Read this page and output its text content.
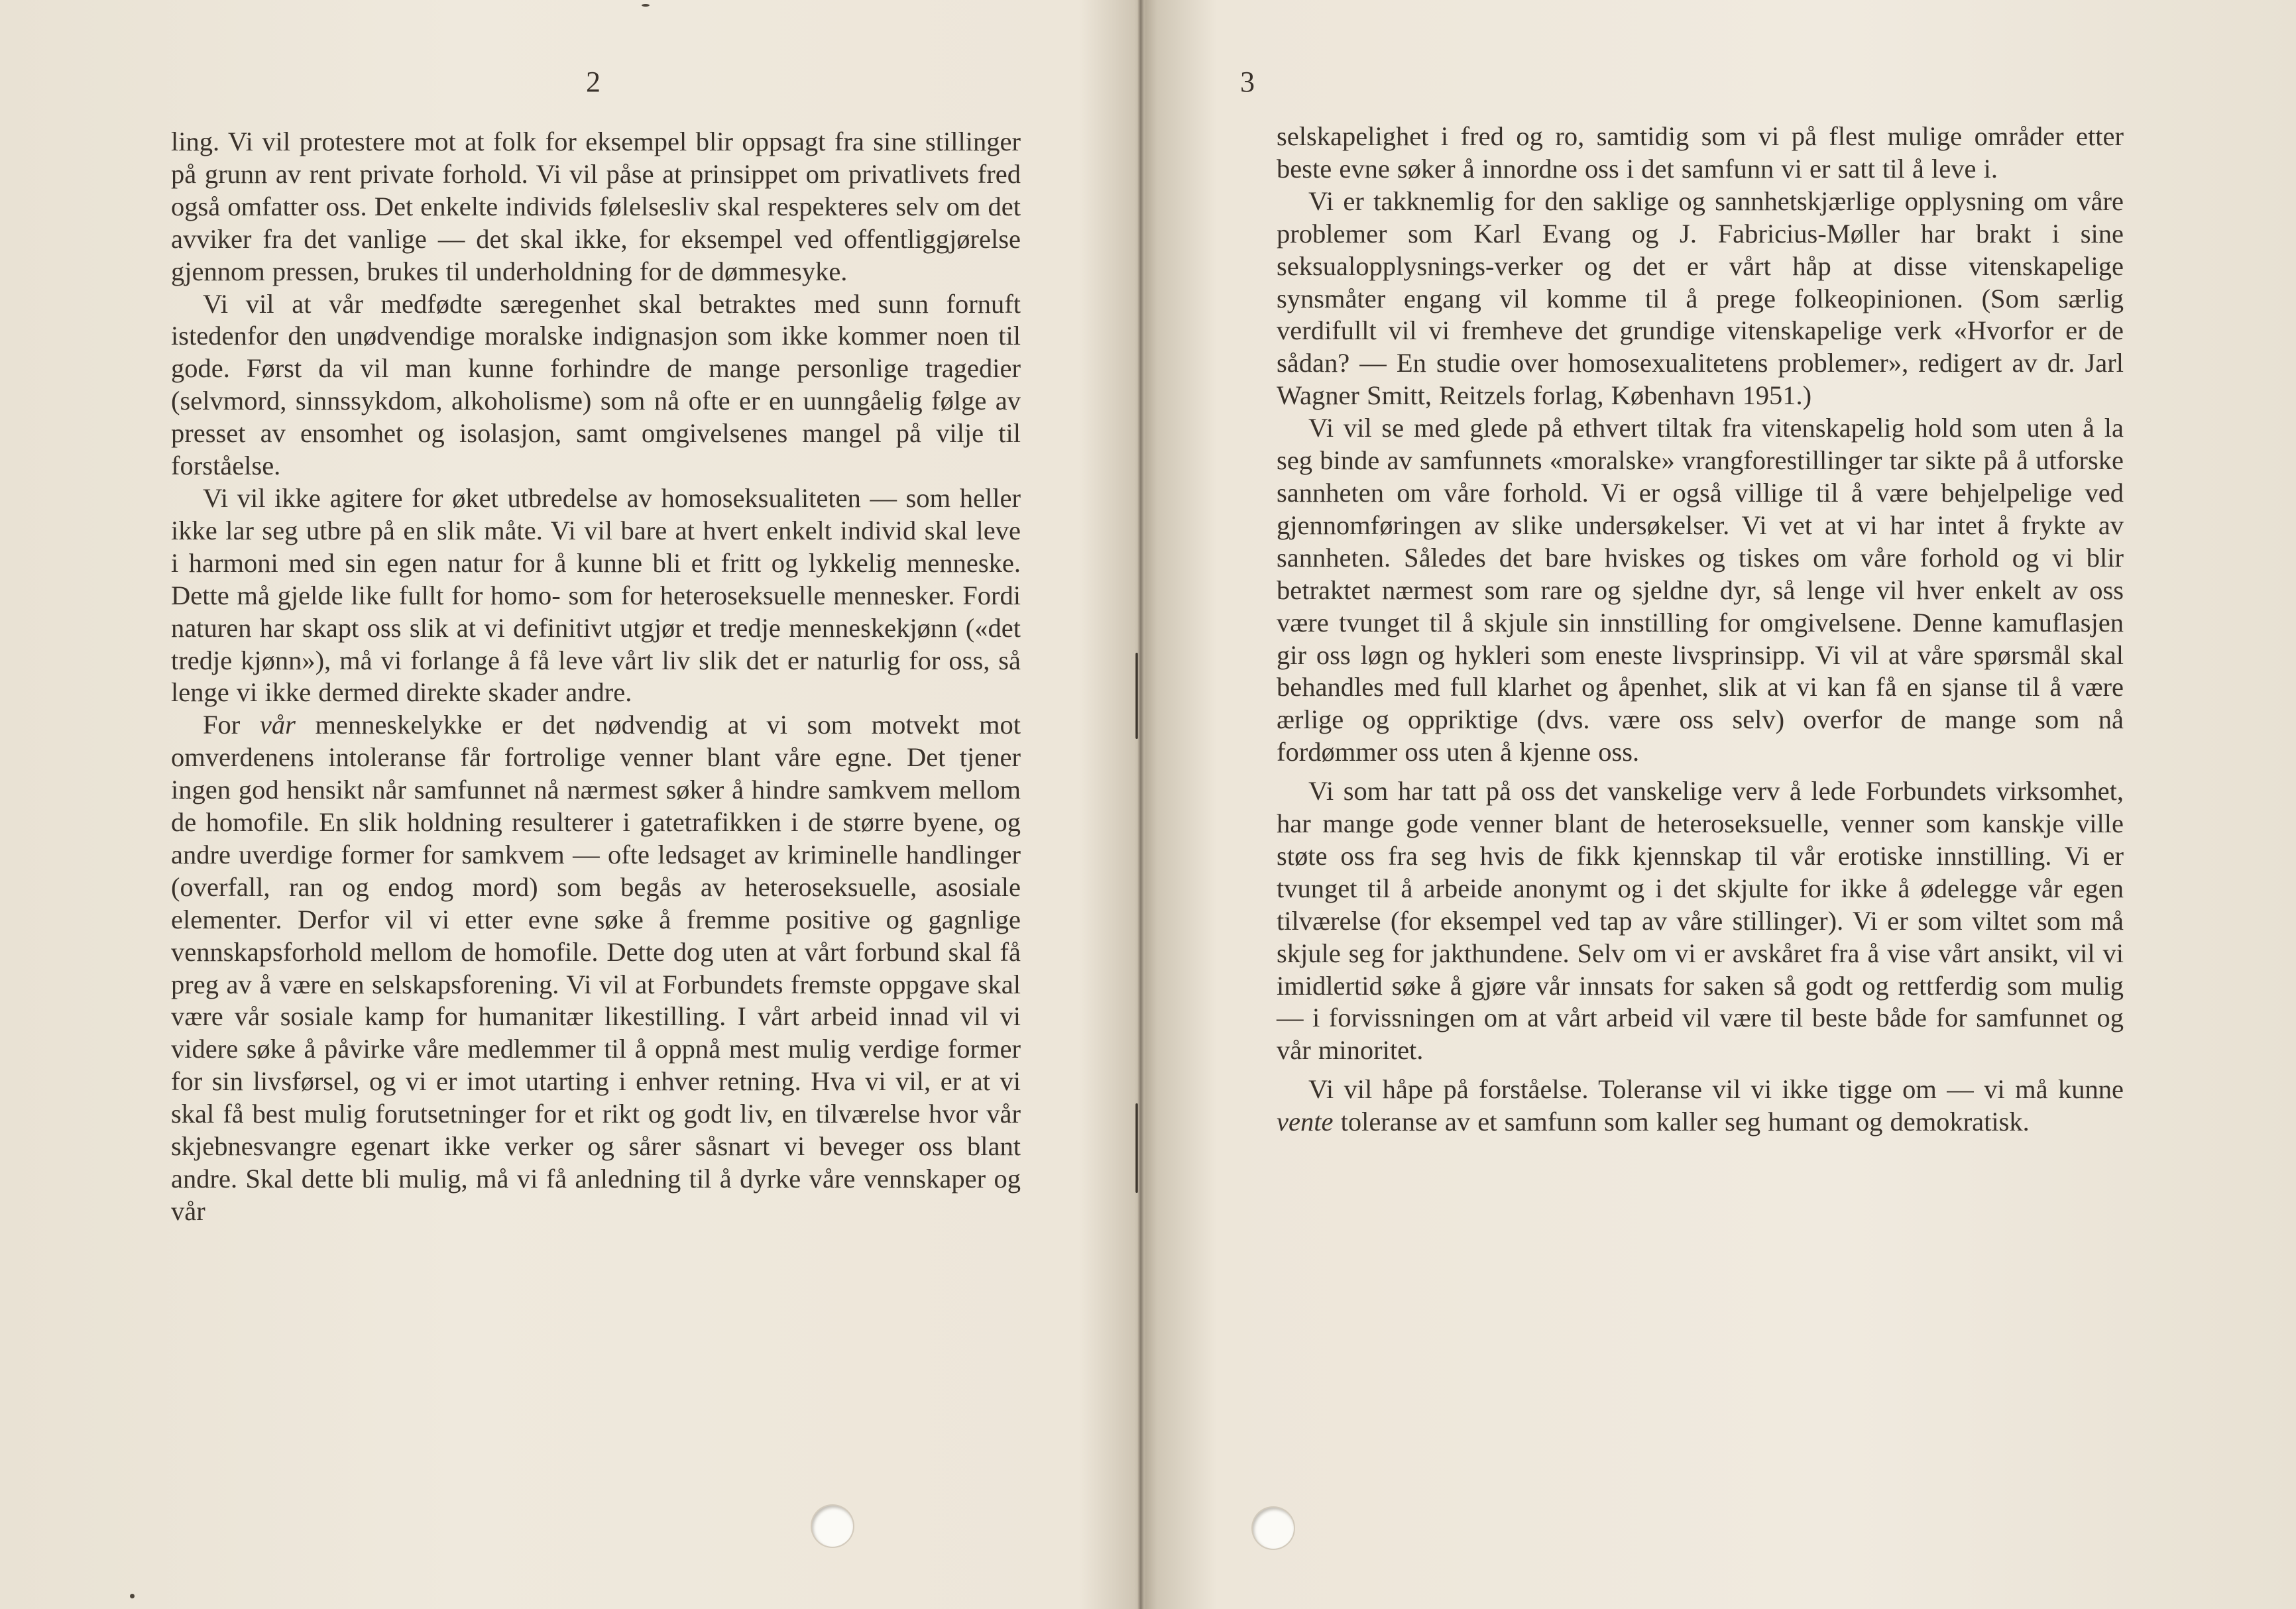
2

ling. Vi vil protestere mot at folk for eksempel blir oppsagt fra sine stillinger på grunn av rent private forhold. Vi vil påse at prinsippet om privatlivets fred også omfatter oss. Det enkelte individs følelsesliv skal respekteres selv om det avviker fra det vanlige — det skal ikke, for eksempel ved offentliggjørelse gjennom pressen, brukes til underholdning for de dømmesyke.

Vi vil at vår medfødte særegenhet skal betraktes med sunn fornuft istedenfor den unødvendige moralske indignasjon som ikke kommer noen til gode. Først da vil man kunne forhindre de mange personlige tragedier (selvmord, sinnssykdom, alkoholisme) som nå ofte er en uunngåelig følge av presset av ensomhet og isolasjon, samt omgivelsenes mangel på vilje til forståelse.

Vi vil ikke agitere for øket utbredelse av homoseksualiteten — som heller ikke lar seg utbre på en slik måte. Vi vil bare at hvert enkelt individ skal leve i harmoni med sin egen natur for å kunne bli et fritt og lykkelig menneske. Dette må gjelde like fullt for homo- som for heteroseksuelle mennesker. Fordi naturen har skapt oss slik at vi definitivt utgjør et tredje menneskekjønn («det tredje kjønn»), må vi forlange å få leve vårt liv slik det er naturlig for oss, så lenge vi ikke dermed direkte skader andre.

For vår menneskelykke er det nødvendig at vi som motvekt mot omverdenens intoleranse får fortrolige venner blant våre egne. Det tjener ingen god hensikt når samfunnet nå nærmest søker å hindre samkvem mellom de homofile. En slik holdning resulterer i gatetrafikken i de større byene, og andre uverdige former for samkvem — ofte ledsaget av kriminelle handlinger (overfall, ran og endog mord) som begås av heteroseksuelle, asosiale elementer. Derfor vil vi etter evne søke å fremme positive og gagnlige vennskapsforhold mellom de homofile. Dette dog uten at vårt forbund skal få preg av å være en selskapsforening. Vi vil at Forbundets fremste oppgave skal være vår sosiale kamp for humanitær likestilling. I vårt arbeid innad vil vi videre søke å påvirke våre medlemmer til å oppnå mest mulig verdige former for sin livsførsel, og vi er imot utarting i enhver retning. Hva vi vil, er at vi skal få best mulig forutsetninger for et rikt og godt liv, en tilværelse hvor vår skjebnesvangre egenart ikke verker og sårer såsnart vi beveger oss blant andre. Skal dette bli mulig, må vi få anledning til å dyrke våre vennskaper og vår

3

selskapelighet i fred og ro, samtidig som vi på flest mulige områder etter beste evne søker å innordne oss i det samfunn vi er satt til å leve i.

Vi er takknemlig for den saklige og sannhetskjærlige opplysning om våre problemer som Karl Evang og J. Fabricius-Møller har brakt i sine seksualopplysnings-verker og det er vårt håp at disse vitenskapelige synsmåter engang vil komme til å prege folkeopinionen. (Som særlig verdifullt vil vi fremheve det grundige vitenskapelige verk «Hvorfor er de sådan? — En studie over homosexualitetens problemer», redigert av dr. Jarl Wagner Smitt, Reitzels forlag, København 1951.)

Vi vil se med glede på ethvert tiltak fra vitenskapelig hold som uten å la seg binde av samfunnets «moralske» vrangforestillinger tar sikte på å utforske sannheten om våre forhold. Vi er også villige til å være behjelpelige ved gjennomføringen av slike undersøkelser. Vi vet at vi har intet å frykte av sannheten. Således det bare hviskes og tiskes om våre forhold og vi blir betraktet nærmest som rare og sjeldne dyr, så lenge vil hver enkelt av oss være tvunget til å skjule sin innstilling for omgivelsene. Denne kamuflasjen gir oss løgn og hykleri som eneste livsprinsipp. Vi vil at våre spørsmål skal behandles med full klarhet og åpenhet, slik at vi kan få en sjanse til å være ærlige og oppriktige (dvs. være oss selv) overfor de mange som nå fordømmer oss uten å kjenne oss.

Vi som har tatt på oss det vanskelige verv å lede Forbundets virksomhet, har mange gode venner blant de heteroseksuelle, venner som kanskje ville støte oss fra seg hvis de fikk kjennskap til vår erotiske innstilling. Vi er tvunget til å arbeide anonymt og i det skjulte for ikke å ødelegge vår egen tilværelse (for eksempel ved tap av våre stillinger). Vi er som viltet som må skjule seg for jakthundene. Selv om vi er avskåret fra å vise vårt ansikt, vil vi imidlertid søke å gjøre vår innsats for saken så godt og rettferdig som mulig — i forvissningen om at vårt arbeid vil være til beste både for samfunnet og vår minoritet.

Vi vil håpe på forståelse. Toleranse vil vi ikke tigge om — vi må kunne vente toleranse av et samfunn som kaller seg humant og demokratisk.
